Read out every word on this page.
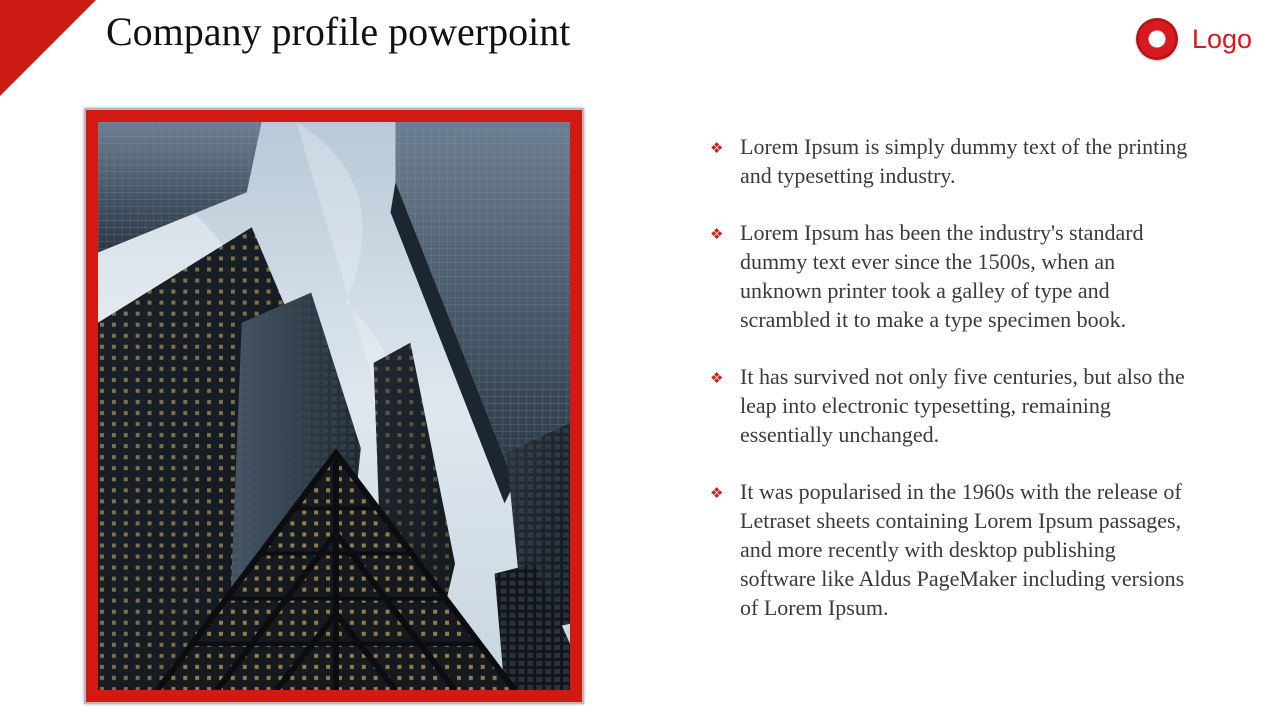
Company profile powerpoint	Logo
❖ Lorem Ipsum is simply dummy text of the printing and typesetting industry.
❖ Lorem Ipsum has been the industry's standard dummy text ever since the 1500s, when an unknown printer took a galley of type and scrambled it to make a type specimen book.
❖ It has survived not only five centuries, but also the leap into electronic typesetting, remaining essentially unchanged.
❖ It was popularised in the 1960s with the release of Letraset sheets containing Lorem Ipsum passages, and more recently with desktop publishing software like Aldus PageMaker including versions of Lorem Ipsum.
